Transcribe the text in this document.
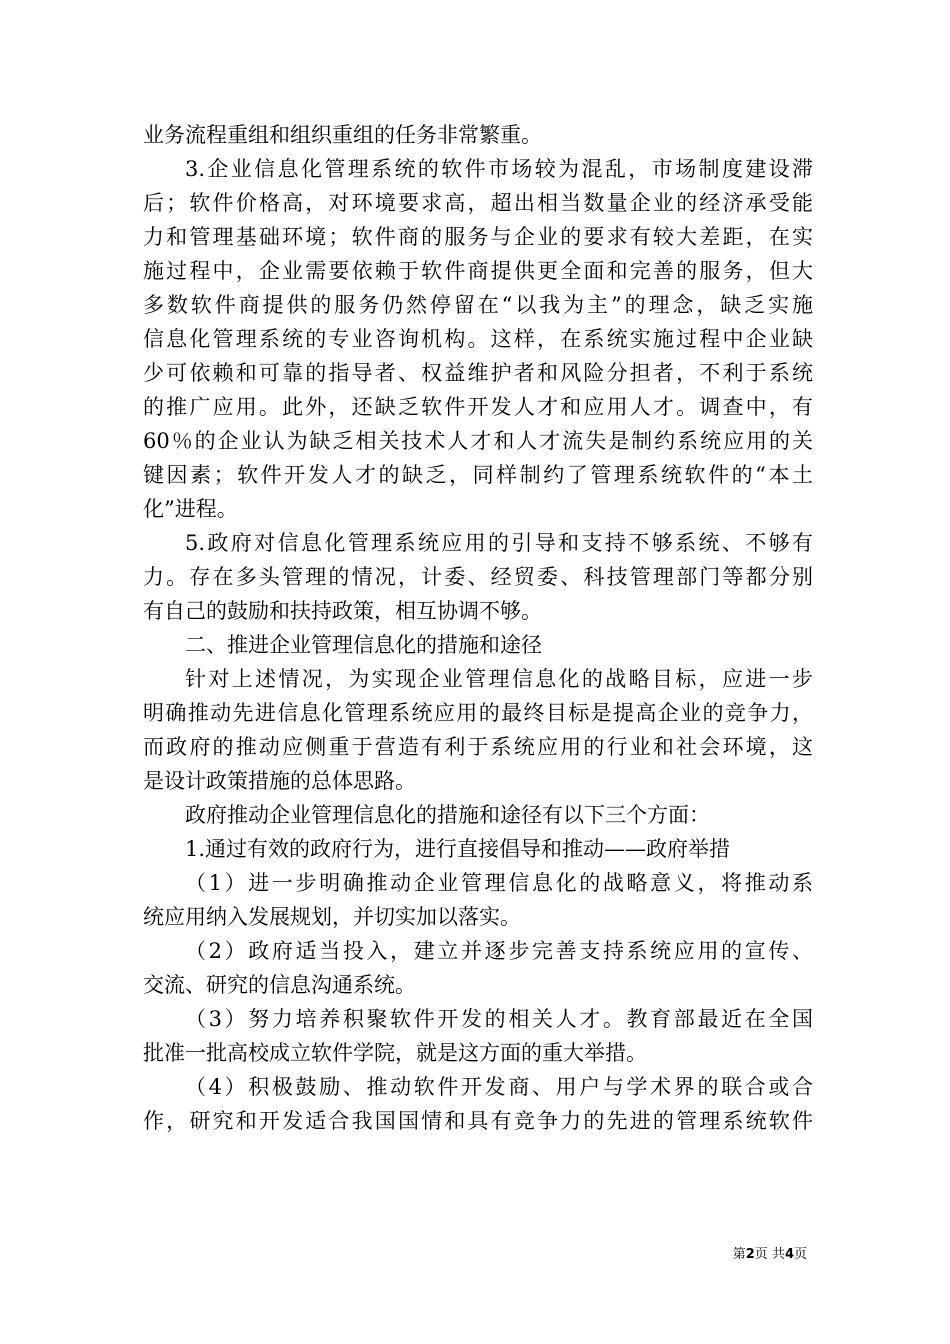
业务流程重组和组织重组的任务非常繁重。
3.企业信息化管理系统的软件市场较为混乱，市场制度建设滞
后；软件价格高，对环境要求高，超出相当数量企业的经济承受能
力和管理基础环境；软件商的服务与企业的要求有较大差距，在实
施过程中，企业需要依赖于软件商提供更全面和完善的服务，但大
多数软件商提供的服务仍然停留在“以我为主”的理念，缺乏实施
信息化管理系统的专业咨询机构。这样，在系统实施过程中企业缺
少可依赖和可靠的指导者、权益维护者和风险分担者，不利于系统
的推广应用。此外，还缺乏软件开发人才和应用人才。调查中，有
60％的企业认为缺乏相关技术人才和人才流失是制约系统应用的关
键因素；软件开发人才的缺乏，同样制约了管理系统软件的“本土
化”进程。
5.政府对信息化管理系统应用的引导和支持不够系统、不够有
力。存在多头管理的情况，计委、经贸委、科技管理部门等都分别
有自己的鼓励和扶持政策，相互协调不够。
二、推进企业管理信息化的措施和途径
针对上述情况，为实现企业管理信息化的战略目标，应进一步
明确推动先进信息化管理系统应用的最终目标是提高企业的竞争力，
而政府的推动应侧重于营造有利于系统应用的行业和社会环境，这
是设计政策措施的总体思路。
政府推动企业管理信息化的措施和途径有以下三个方面：
1.通过有效的政府行为，进行直接倡导和推动——政府举措
（1）进一步明确推动企业管理信息化的战略意义，将推动系
统应用纳入发展规划，并切实加以落实。
（2）政府适当投入，建立并逐步完善支持系统应用的宣传、
交流、研究的信息沟通系统。
（3）努力培养积聚软件开发的相关人才。教育部最近在全国
批准一批高校成立软件学院，就是这方面的重大举措。
（4）积极鼓励、推动软件开发商、用户与学术界的联合或合
作，研究和开发适合我国国情和具有竞争力的先进的管理系统软件
第2页 共4页
